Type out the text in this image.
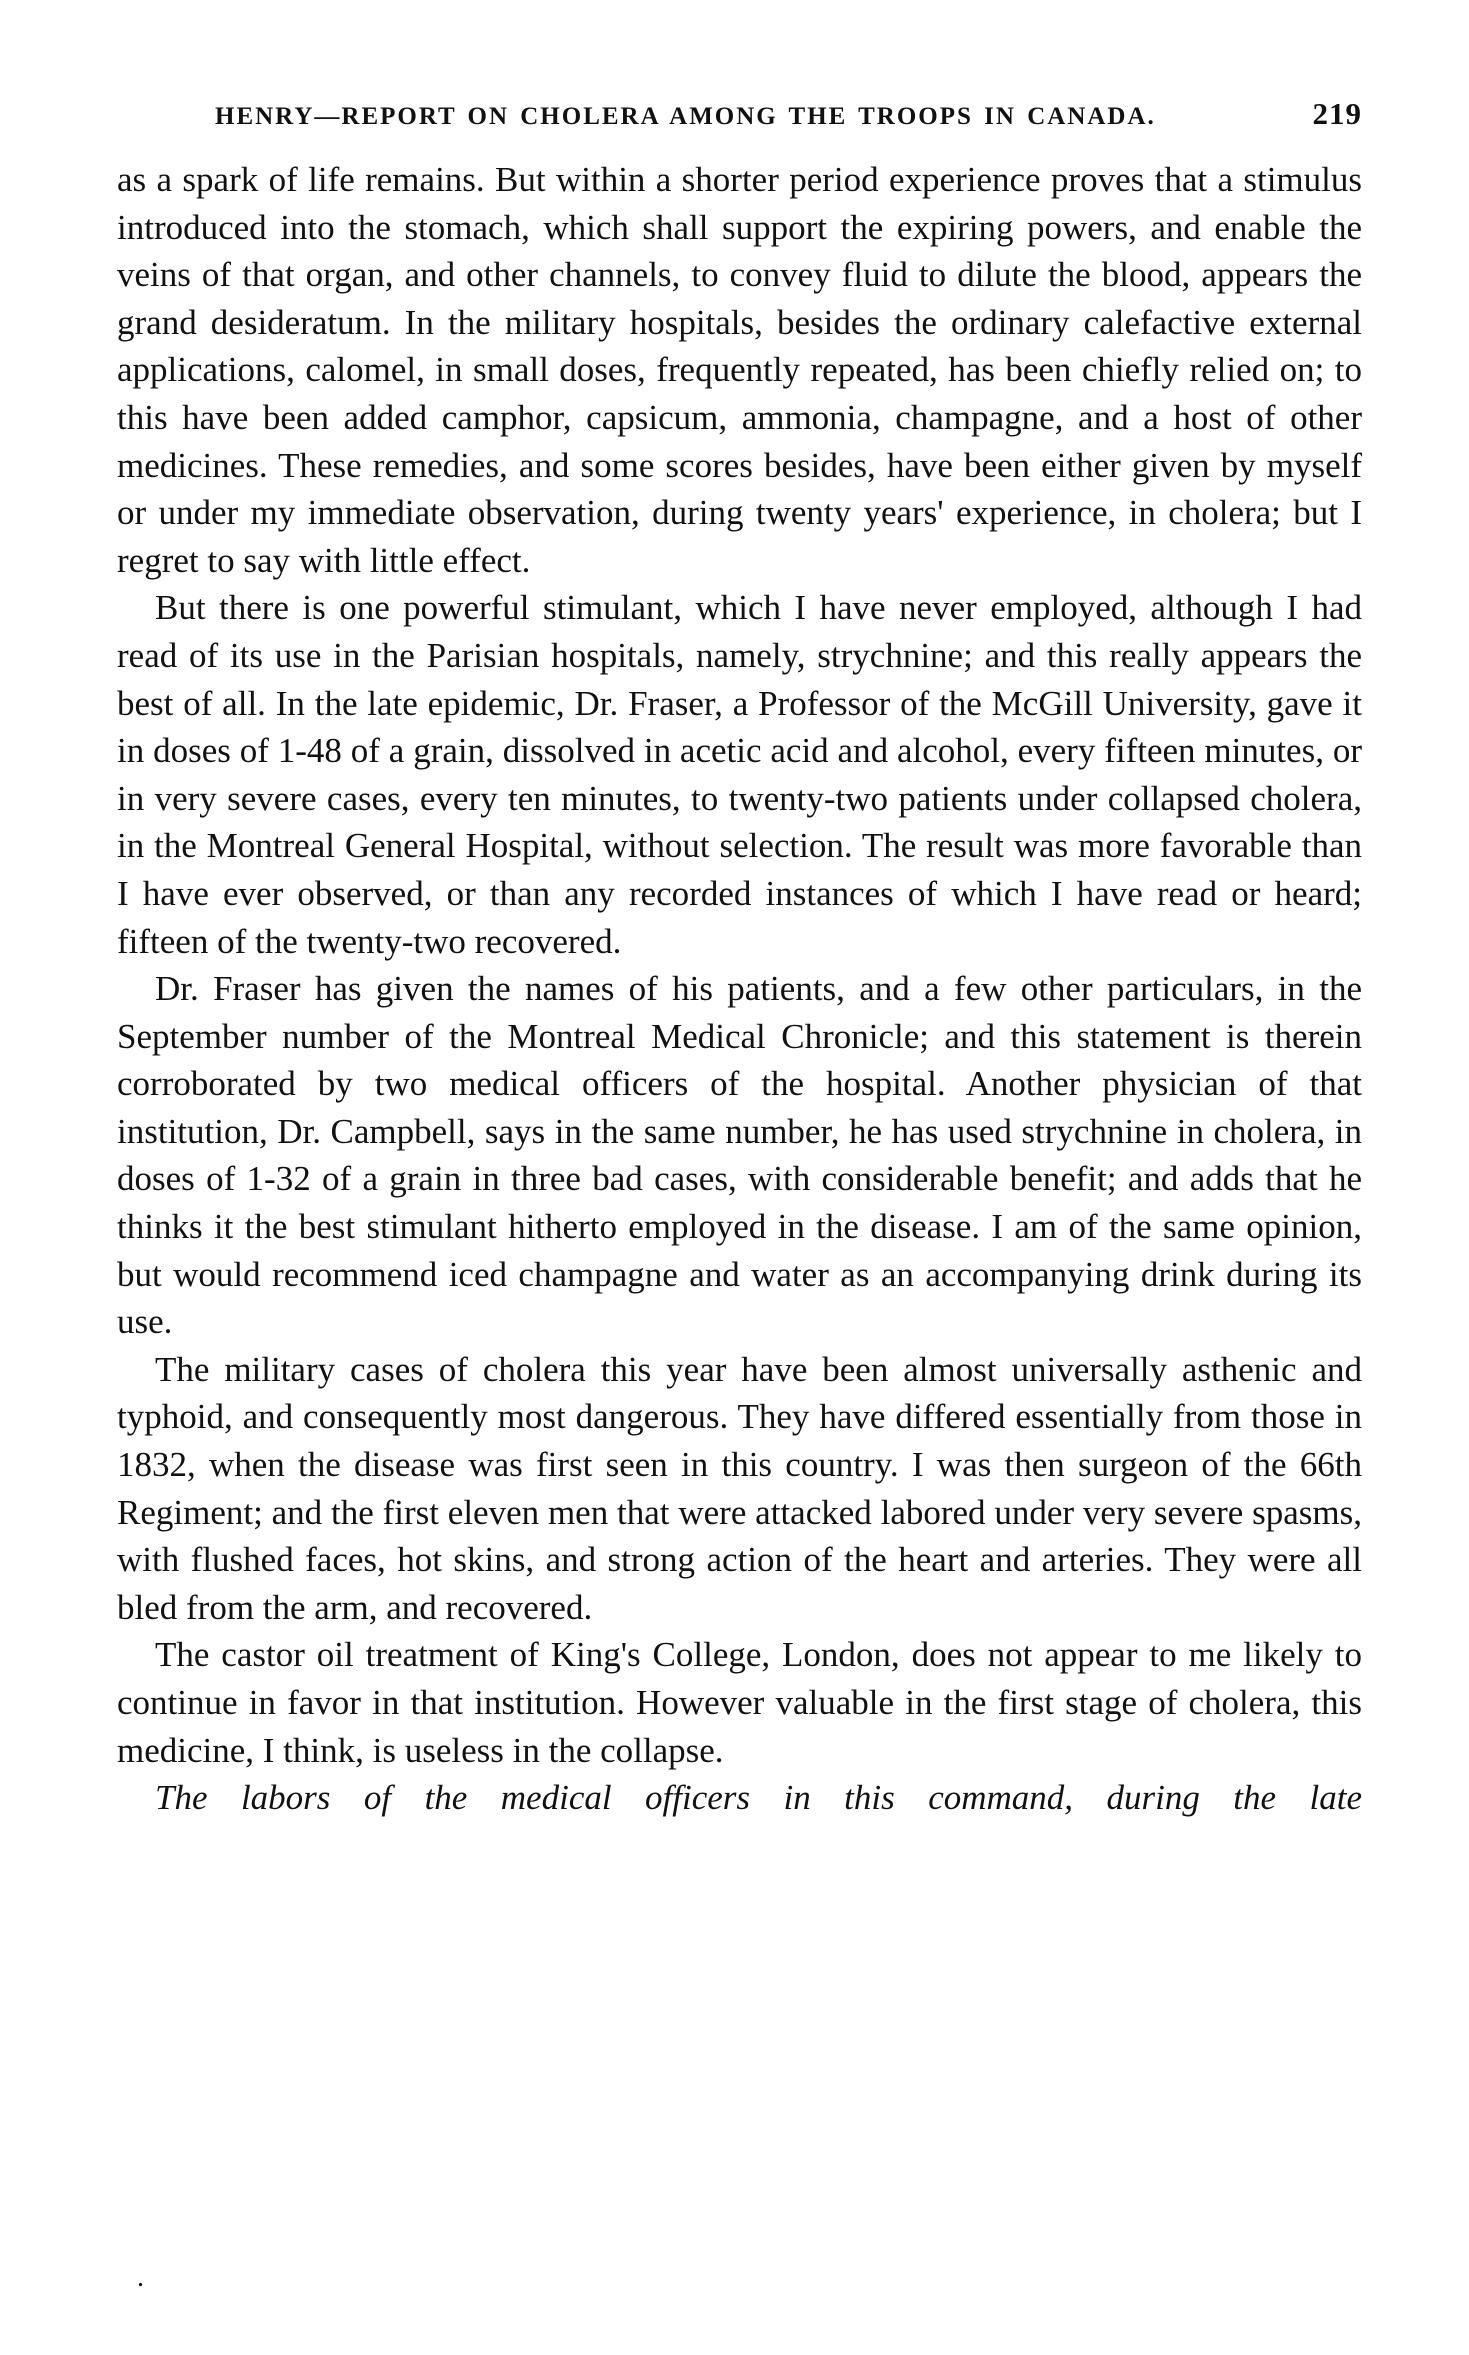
HENRY—REPORT ON CHOLERA AMONG THE TROOPS IN CANADA.	219

as a spark of life remains. But within a shorter period experience proves that a stimulus introduced into the stomach, which shall support the expiring powers, and enable the veins of that organ, and other channels, to convey fluid to dilute the blood, appears the grand desideratum. In the military hospitals, besides the ordinary calefactive external applications, calomel, in small doses, frequently repeated, has been chiefly relied on; to this have been added camphor, capsicum, ammonia, champagne, and a host of other medicines. These remedies, and some scores besides, have been either given by myself or under my immediate observation, during twenty years' experience, in cholera; but I regret to say with little effect.

But there is one powerful stimulant, which I have never employed, although I had read of its use in the Parisian hospitals, namely, strychnine; and this really appears the best of all. In the late epidemic, Dr. Fraser, a Professor of the McGill University, gave it in doses of 1-48 of a grain, dissolved in acetic acid and alcohol, every fifteen minutes, or in very severe cases, every ten minutes, to twenty-two patients under collapsed cholera, in the Montreal General Hospital, without selection. The result was more favorable than I have ever observed, or than any recorded instances of which I have read or heard; fifteen of the twenty-two recovered.

Dr. Fraser has given the names of his patients, and a few other particulars, in the September number of the Montreal Medical Chronicle; and this statement is therein corroborated by two medical officers of the hospital. Another physician of that institution, Dr. Campbell, says in the same number, he has used strychnine in cholera, in doses of 1-32 of a grain in three bad cases, with considerable benefit; and adds that he thinks it the best stimulant hitherto employed in the disease. I am of the same opinion, but would recommend iced champagne and water as an accompanying drink during its use.

The military cases of cholera this year have been almost universally asthenic and typhoid, and consequently most dangerous. They have differed essentially from those in 1832, when the disease was first seen in this country. I was then surgeon of the 66th Regiment; and the first eleven men that were attacked labored under very severe spasms, with flushed faces, hot skins, and strong action of the heart and arteries. They were all bled from the arm, and recovered.

The castor oil treatment of King's College, London, does not appear to me likely to continue in favor in that institution. However valuable in the first stage of cholera, this medicine, I think, is useless in the collapse.

The labors of the medical officers in this command, during the late

.
